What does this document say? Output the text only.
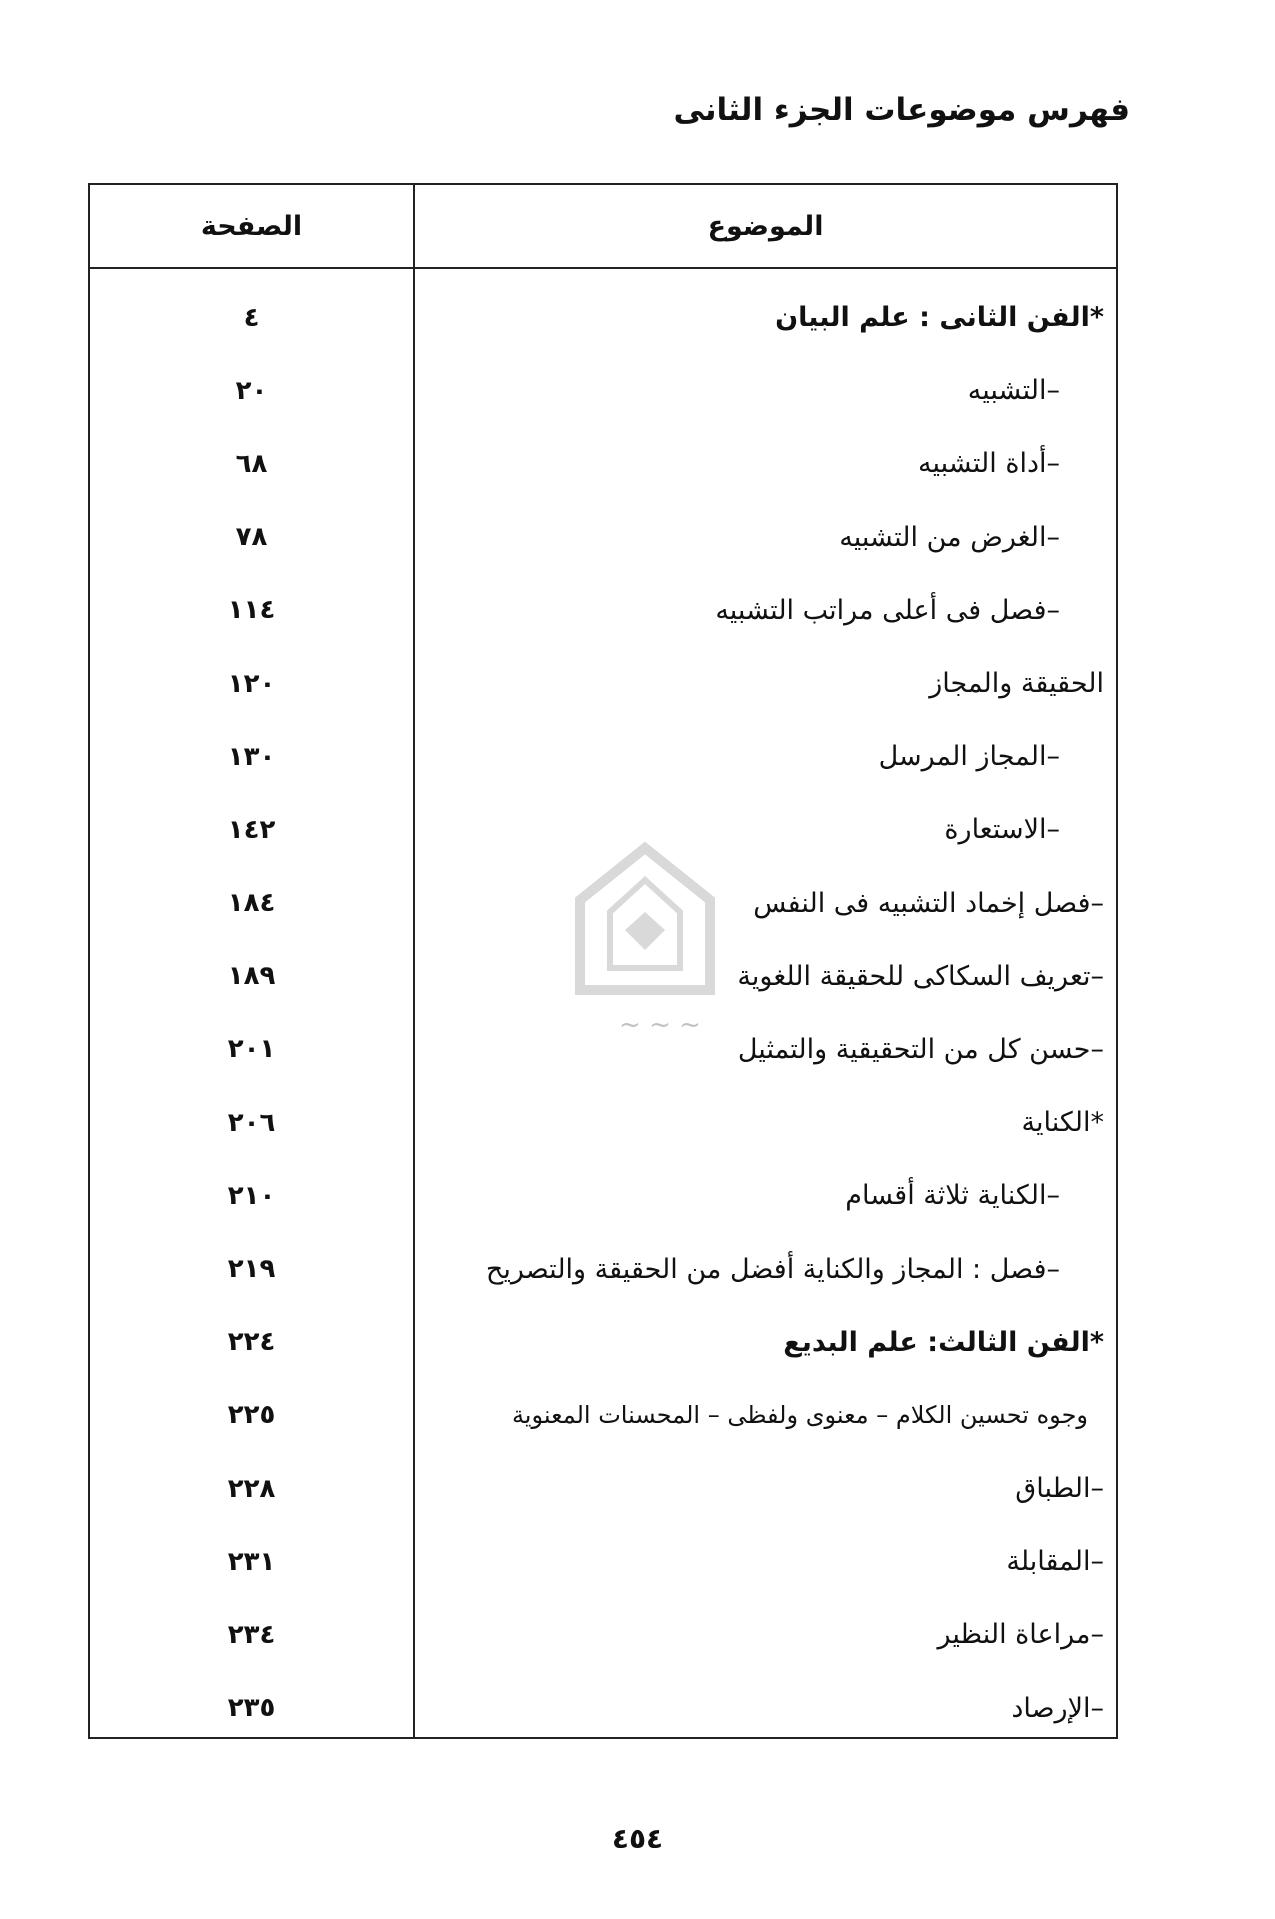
فهرس موضوعات الجزء الثانى
~ ~ ~
الموضوع
الصفحة
*الفن الثانى : علم البيان
–التشبيه
–أداة التشبيه
–الغرض من التشبيه
–فصل فى أعلى مراتب التشبيه
الحقيقة والمجاز
–المجاز المرسل
–الاستعارة
–فصل إخماد التشبيه فى النفس
–تعريف السكاكى للحقيقة اللغوية
–حسن كل من التحقيقية والتمثيل
*الكناية
–الكناية ثلاثة أقسام
–فصل : المجاز والكناية أفضل من الحقيقة والتصريح
*الفن الثالث: علم البديع
وجوه تحسين الكلام – معنوى ولفظى – المحسنات المعنوية
–الطباق
–المقابلة
–مراعاة النظير
–الإرصاد
٤
٢٠
٦٨
٧٨
١١٤
١٢٠
١٣٠
١٤٢
١٨٤
١٨٩
٢٠١
٢٠٦
٢١٠
٢١٩
٢٢٤
٢٢٥
٢٢٨
٢٣١
٢٣٤
٢٣٥
٤٥٤
